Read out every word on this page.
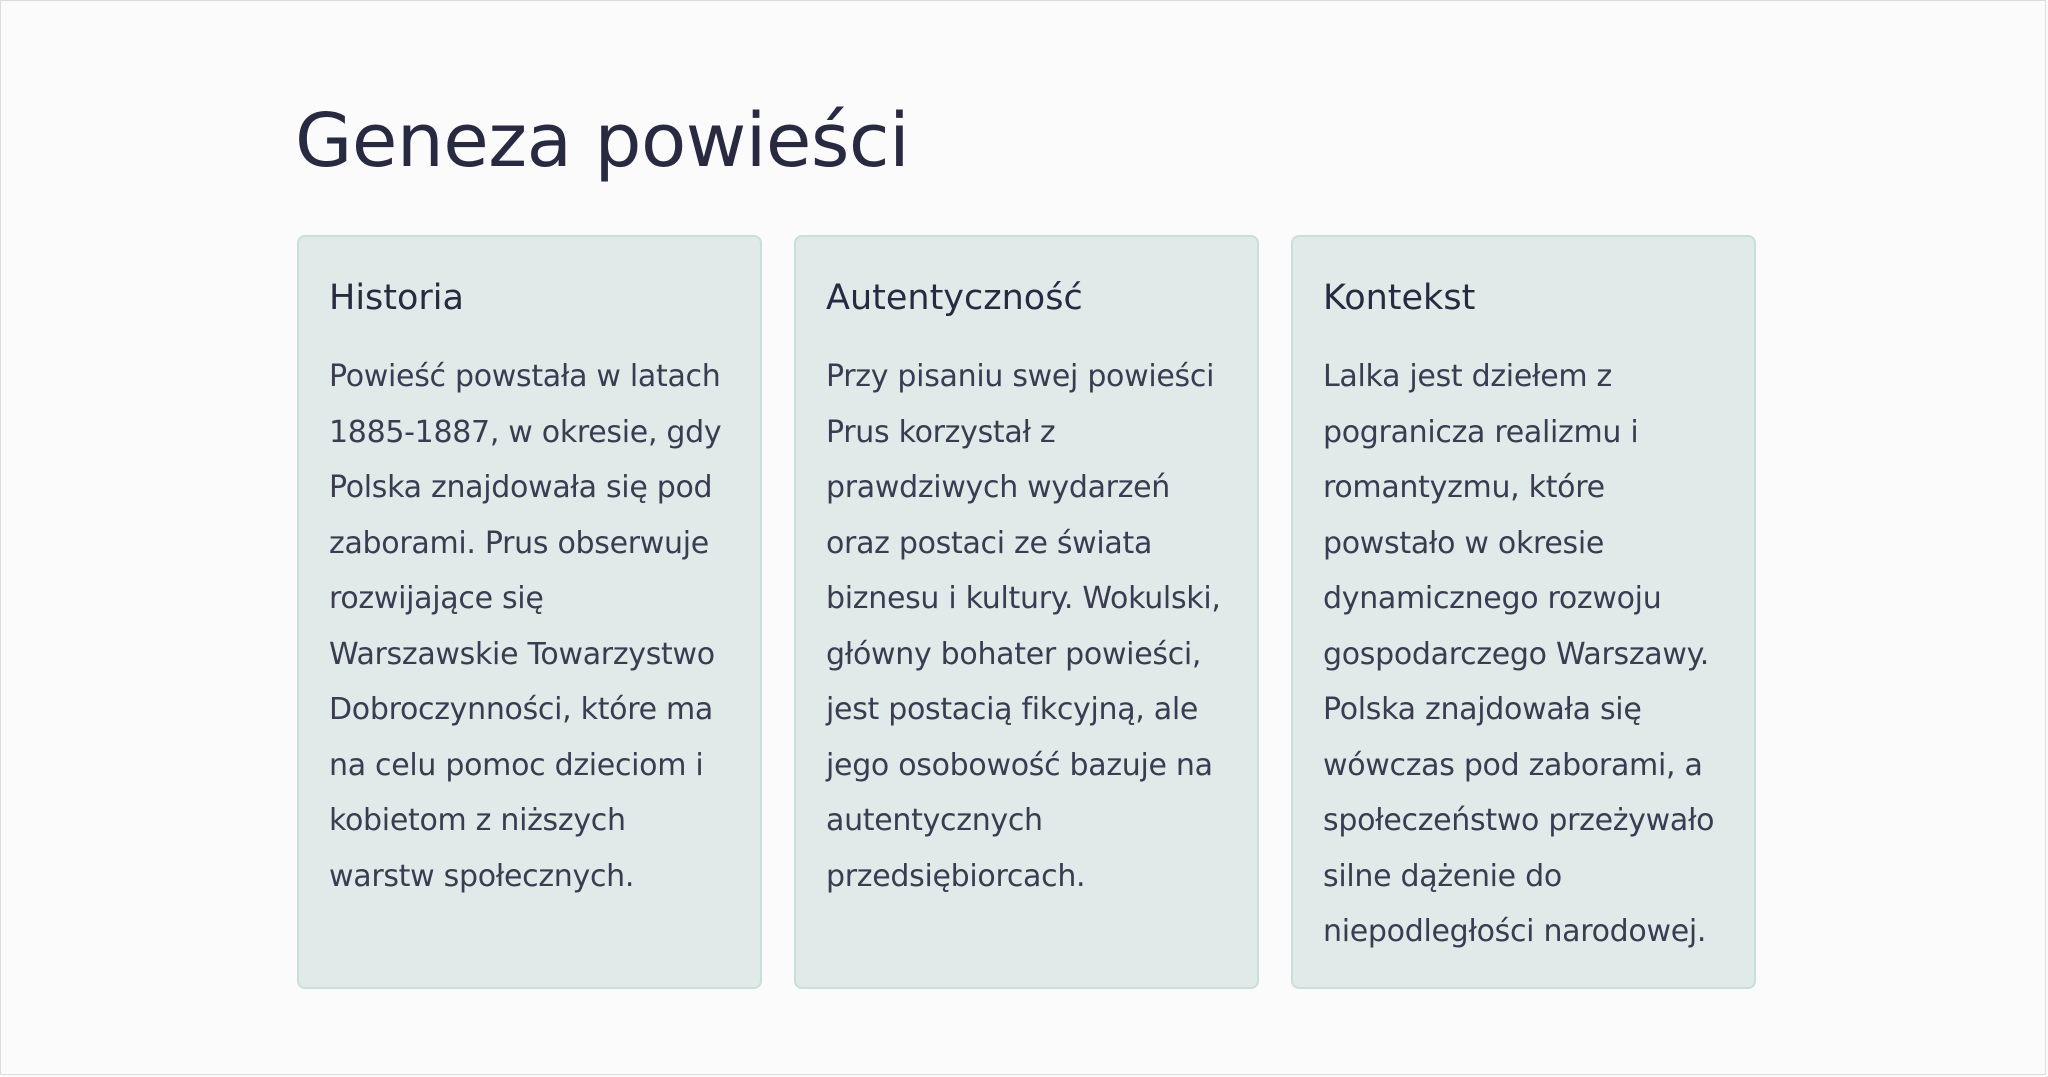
Geneza powieści
Historia

Powieść powstała w latach 1885-1887, w okresie, gdy Polska znajdowała się pod zaborami. Prus obserwuje rozwijające się Warszawskie Towarzystwo Dobroczynności, które ma na celu pomoc dzieciom i kobietom z niższych warstw społecznych.

Autentyczność

Przy pisaniu swej powieści Prus korzystał z prawdziwych wydarzeń oraz postaci ze świata biznesu i kultury. Wokulski, główny bohater powieści, jest postacią fikcyjną, ale jego osobowość bazuje na autentycznych przedsiębiorcach.

Kontekst

Lalka jest dziełem z pogranicza realizmu i romantyzmu, które powstało w okresie dynamicznego rozwoju gospodarczego Warszawy. Polska znajdowała się wówczas pod zaborami, a społeczeństwo przeżywało silne dążenie do niepodległości narodowej.
